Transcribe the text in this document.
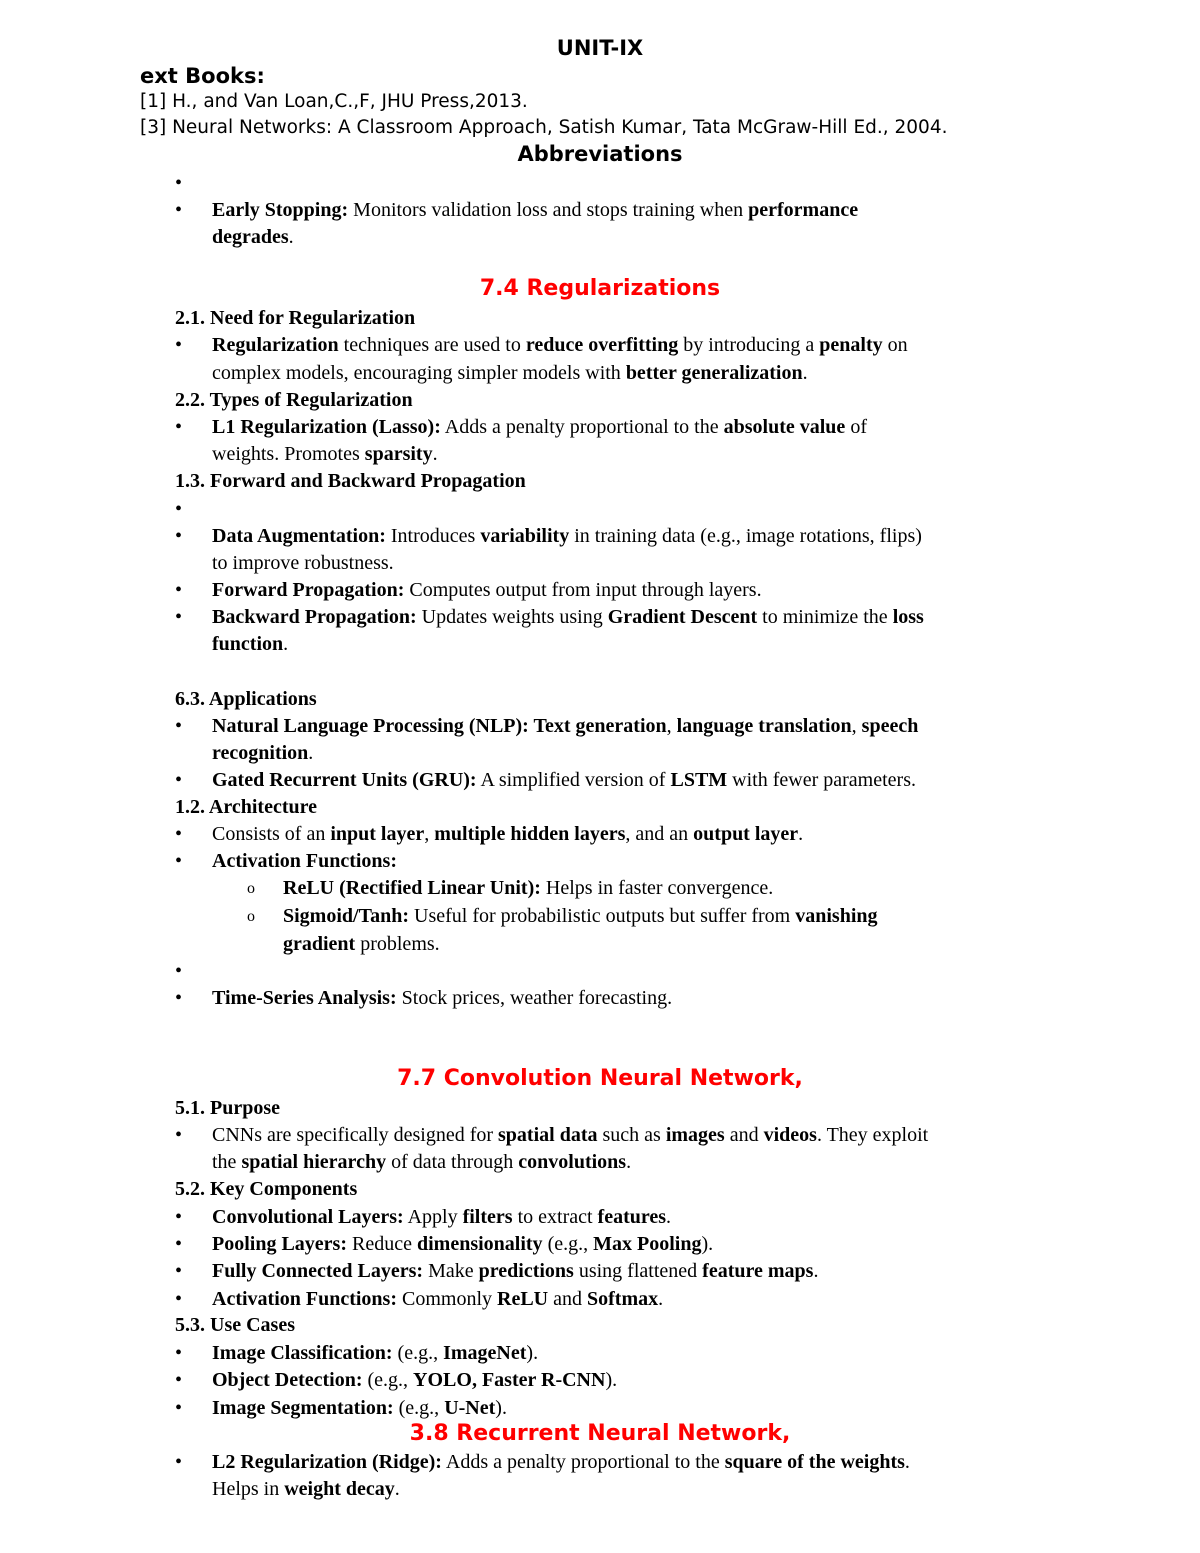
UNIT-IX
ext Books:
[1] H., and Van Loan,C.,F, JHU Press,2013.
[3] Neural Networks: A Classroom Approach, Satish Kumar, Tata McGraw-Hill Ed., 2004.
Abbreviations
•
• Early Stopping: Monitors validation loss and stops training when performance
degrades.
7.4 Regularizations
2.1. Need for Regularization
• Regularization techniques are used to reduce overfitting by introducing a penalty on
complex models, encouraging simpler models with better generalization.
2.2. Types of Regularization
• L1 Regularization (Lasso): Adds a penalty proportional to the absolute value of
weights. Promotes sparsity.
1.3. Forward and Backward Propagation
•
• Data Augmentation: Introduces variability in training data (e.g., image rotations, flips)
to improve robustness.
• Forward Propagation: Computes output from input through layers.
• Backward Propagation: Updates weights using Gradient Descent to minimize the loss
function.
6.3. Applications
• Natural Language Processing (NLP): Text generation, language translation, speech
recognition.
• Gated Recurrent Units (GRU): A simplified version of LSTM with fewer parameters.
1.2. Architecture
• Consists of an input layer, multiple hidden layers, and an output layer.
• Activation Functions:
o ReLU (Rectified Linear Unit): Helps in faster convergence.
o Sigmoid/Tanh: Useful for probabilistic outputs but suffer from vanishing
gradient problems.
•
• Time-Series Analysis: Stock prices, weather forecasting.
7.7 Convolution Neural Network,
5.1. Purpose
• CNNs are specifically designed for spatial data such as images and videos. They exploit
the spatial hierarchy of data through convolutions.
5.2. Key Components
• Convolutional Layers: Apply filters to extract features.
• Pooling Layers: Reduce dimensionality (e.g., Max Pooling).
• Fully Connected Layers: Make predictions using flattened feature maps.
• Activation Functions: Commonly ReLU and Softmax.
5.3. Use Cases
• Image Classification: (e.g., ImageNet).
• Object Detection: (e.g., YOLO, Faster R-CNN).
• Image Segmentation: (e.g., U-Net).
3.8 Recurrent Neural Network,
• L2 Regularization (Ridge): Adds a penalty proportional to the square of the weights.
Helps in weight decay.
